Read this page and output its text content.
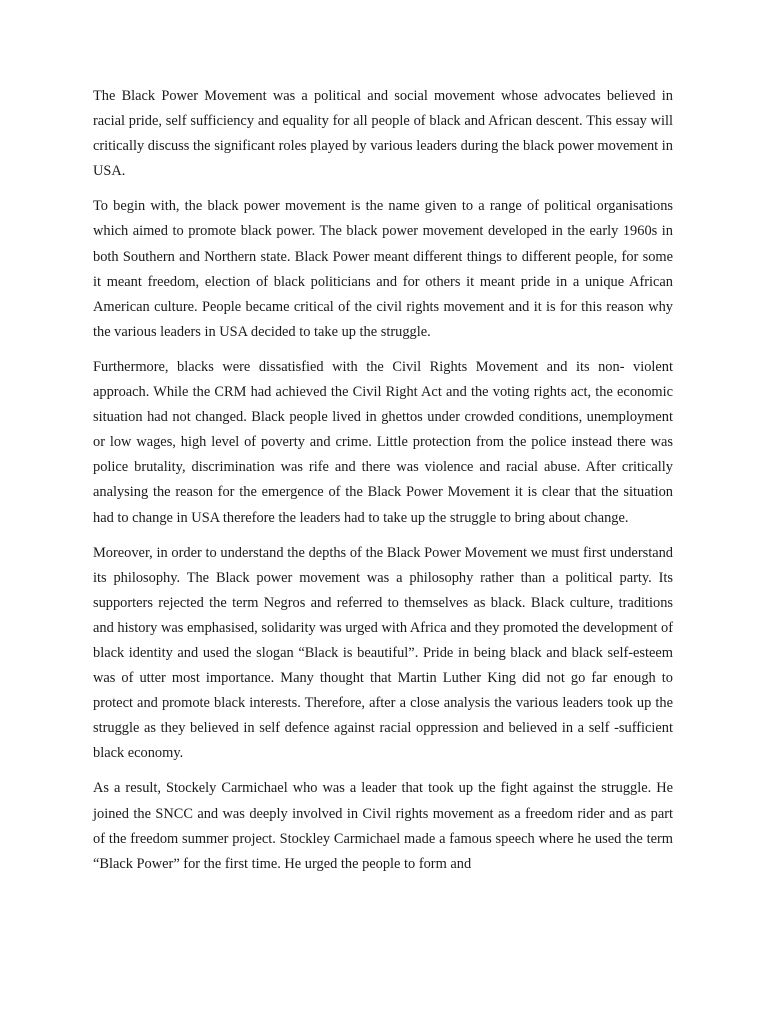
The Black Power Movement was a political and social movement whose advocates believed in racial pride, self sufficiency and equality for all people of black and African descent. This essay will critically discuss the significant roles played by various leaders during the black power movement in USA.

To begin with, the black power movement is the name given to a range of political organisations which aimed to promote black power. The black power movement developed in the early 1960s in both Southern and Northern state. Black Power meant different things to different people, for some it meant freedom, election of black politicians and for others it meant pride in a unique African American culture. People became critical of the civil rights movement and it is for this reason why the various leaders in USA decided to take up the struggle.

Furthermore, blacks were dissatisfied with the Civil Rights Movement and its non- violent approach. While the CRM had achieved the Civil Right Act and the voting rights act, the economic situation had not changed. Black people lived in ghettos under crowded conditions, unemployment or low wages, high level of poverty and crime. Little protection from the police instead there was police brutality, discrimination was rife and there was violence and racial abuse. After critically analysing the reason for the emergence of the Black Power Movement it is clear that the situation had to change in USA therefore the leaders had to take up the struggle to bring about change.

Moreover, in order to understand the depths of the Black Power Movement we must first understand its philosophy. The Black power movement was a philosophy rather than a political party. Its supporters rejected the term Negros and referred to themselves as black. Black culture, traditions and history was emphasised, solidarity was urged with Africa and they promoted the development of black identity and used the slogan “Black is beautiful”. Pride in being black and black self-esteem was of utter most importance. Many thought that Martin Luther King did not go far enough to protect and promote black interests. Therefore, after a close analysis the various leaders took up the struggle as they believed in self defence against racial oppression and believed in a self -sufficient black economy.

As a result, Stockely Carmichael who was a leader that took up the fight against the struggle. He joined the SNCC and was deeply involved in Civil rights movement as a freedom rider and as part of the freedom summer project. Stockley Carmichael made a famous speech where he used the term “Black Power” for the first time. He urged the people to form and
